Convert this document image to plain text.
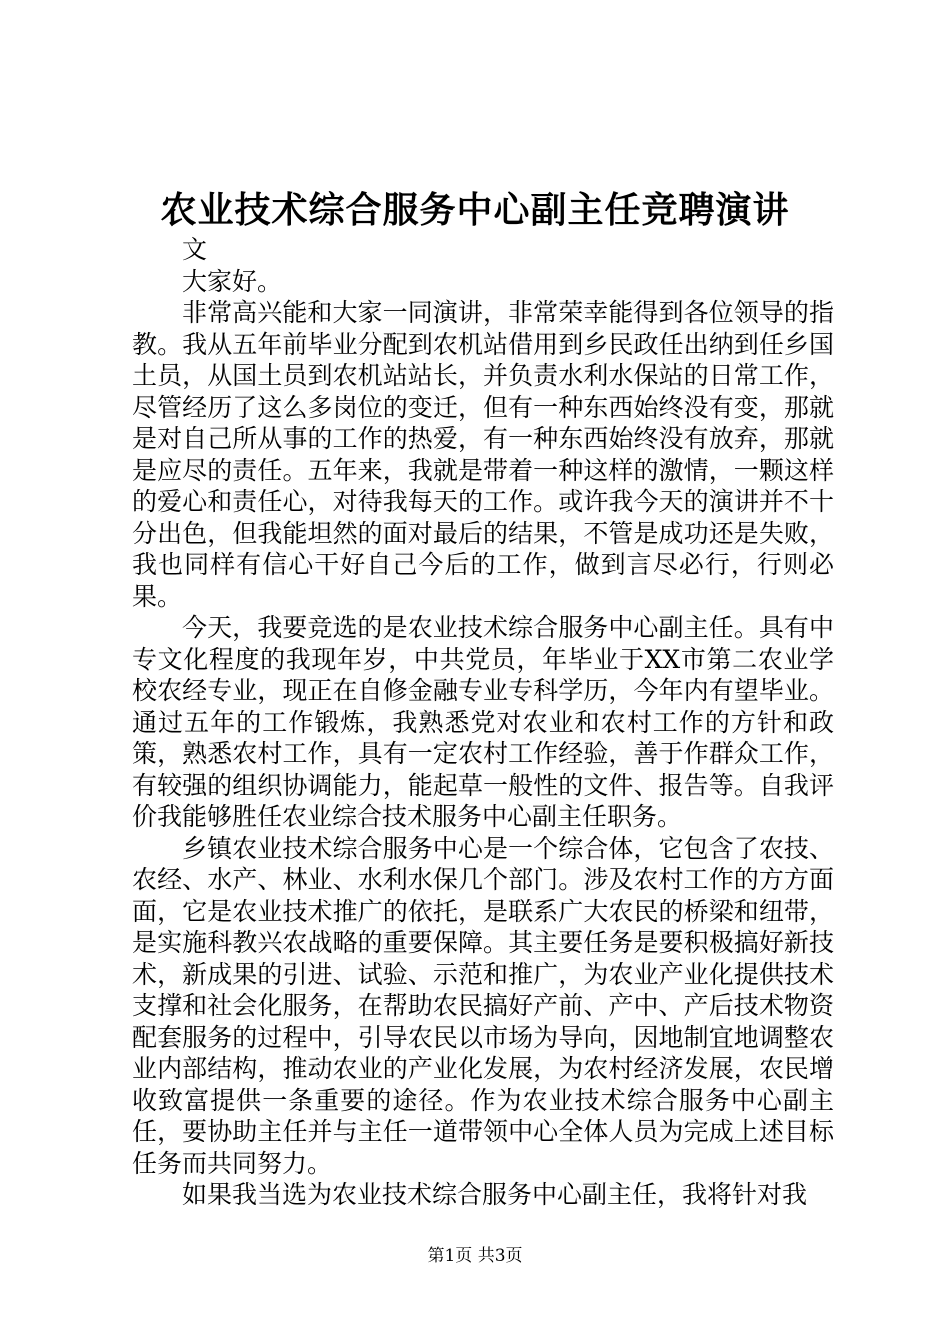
农业技术综合服务中心副主任竞聘演讲

文

大家好。

非常高兴能和大家一同演讲，非常荣幸能得到各位领导的指教。我从五年前毕业分配到农机站借用到乡民政任出纳到任乡国土员，从国土员到农机站站长，并负责水利水保站的日常工作，尽管经历了这么多岗位的变迁，但有一种东西始终没有变，那就是对自己所从事的工作的热爱，有一种东西始终没有放弃，那就是应尽的责任。五年来，我就是带着一种这样的激情，一颗这样的爱心和责任心，对待我每天的工作。或许我今天的演讲并不十分出色，但我能坦然的面对最后的结果，不管是成功还是失败，我也同样有信心干好自己今后的工作，做到言尽必行，行则必果。

今天，我要竞选的是农业技术综合服务中心副主任。具有中专文化程度的我现年岁，中共党员，年毕业于XX市第二农业学校农经专业，现正在自修金融专业专科学历，今年内有望毕业。通过五年的工作锻炼，我熟悉党对农业和农村工作的方针和政策，熟悉农村工作，具有一定农村工作经验，善于作群众工作，有较强的组织协调能力，能起草一般性的文件、报告等。自我评价我能够胜任农业综合技术服务中心副主任职务。

乡镇农业技术综合服务中心是一个综合体，它包含了农技、农经、水产、林业、水利水保几个部门。涉及农村工作的方方面面，它是农业技术推广的依托，是联系广大农民的桥梁和纽带，是实施科教兴农战略的重要保障。其主要任务是要积极搞好新技术，新成果的引进、试验、示范和推广，为农业产业化提供技术支撑和社会化服务，在帮助农民搞好产前、产中、产后技术物资配套服务的过程中，引导农民以市场为导向，因地制宜地调整农业内部结构，推动农业的产业化发展，为农村经济发展，农民增收致富提供一条重要的途径。作为农业技术综合服务中心副主任，要协助主任并与主任一道带领中心全体人员为完成上述目标任务而共同努力。

如果我当选为农业技术综合服务中心副主任，我将针对我

第1页 共3页
